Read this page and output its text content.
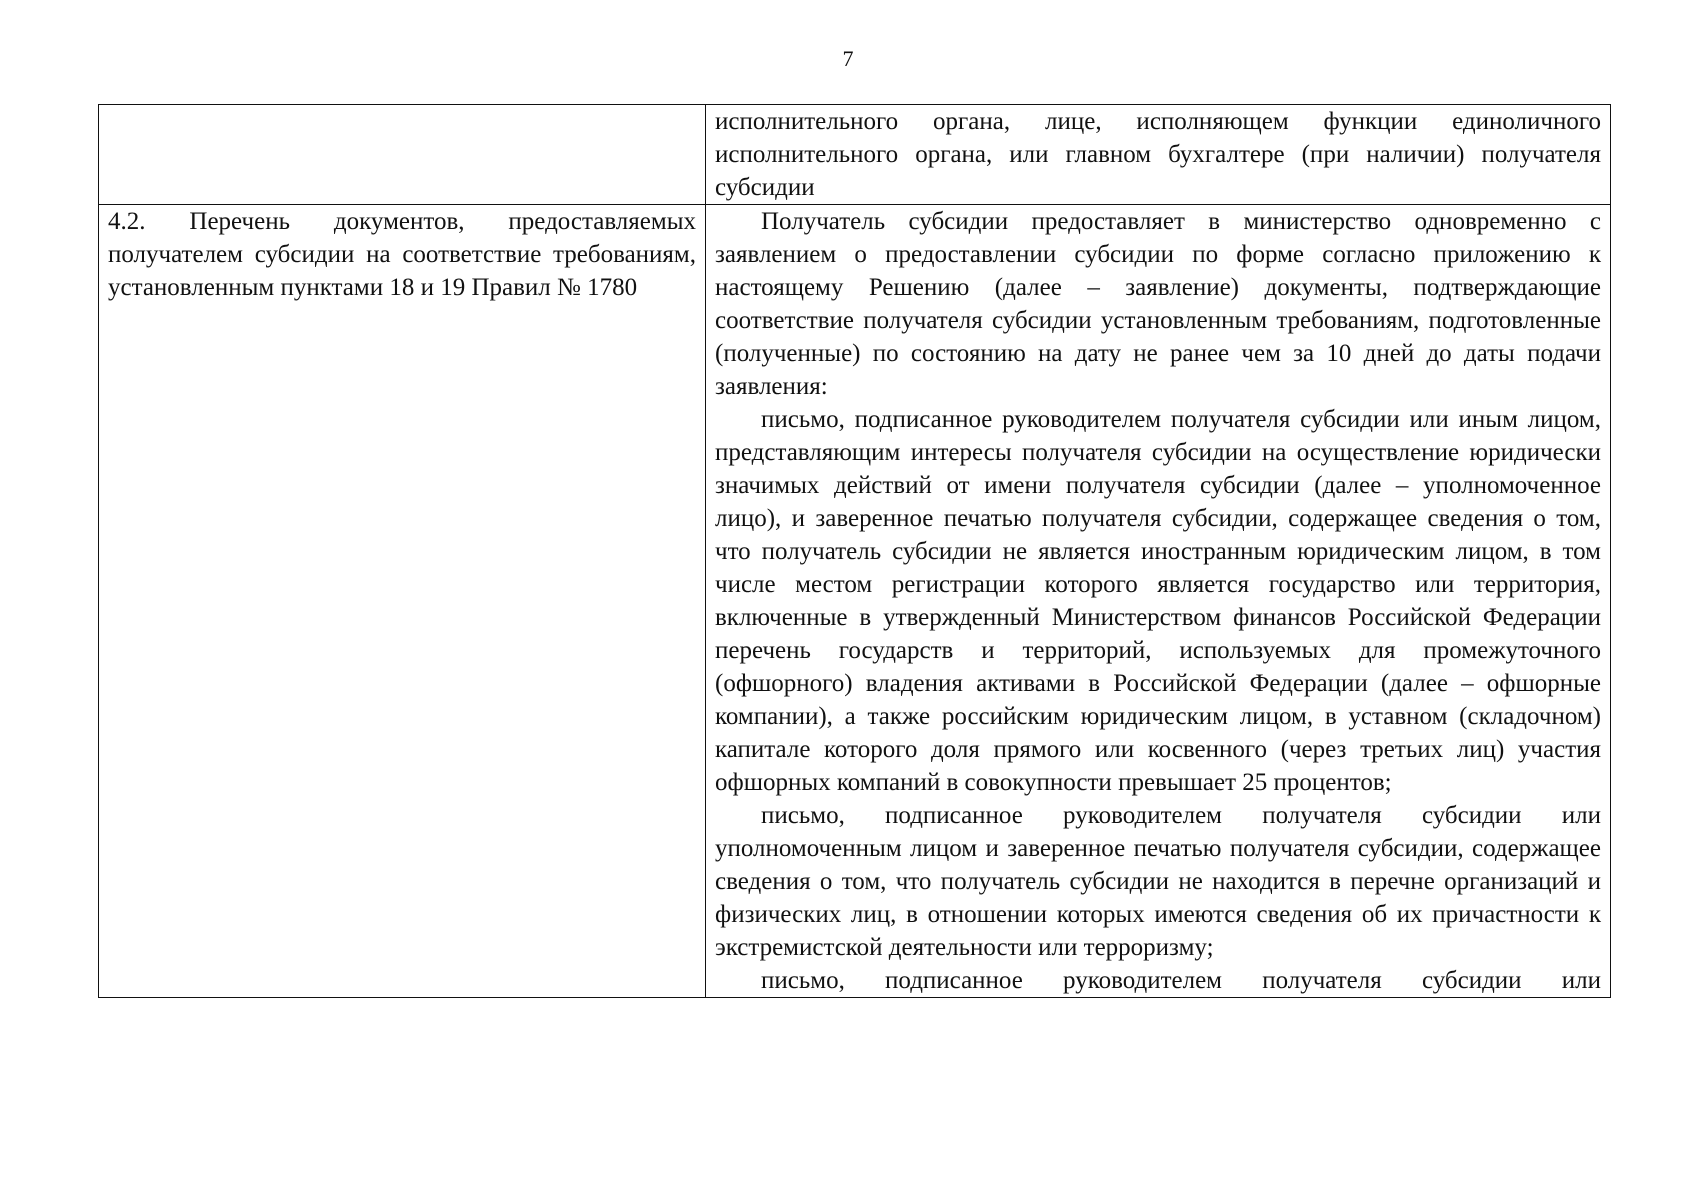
7

	исполнительного органа, лице, исполняющем функции единоличного исполнительного органа, или главном бухгалтере (при наличии) получателя субсидии

4.2. Перечень документов, предоставляемых получателем субсидии на соответствие требованиям, установленным пунктами 18 и 19 Правил № 1780	Получатель субсидии предоставляет в министерство одновременно с заявлением о предоставлении субсидии по форме согласно приложению к настоящему Решению (далее – заявление) документы, подтверждающие соответствие получателя субсидии установленным требованиям, подготовленные (полученные) по состоянию на дату не ранее чем за 10 дней до даты подачи заявления:

письмо, подписанное руководителем получателя субсидии или иным лицом, представляющим интересы получателя субсидии на осуществление юридически значимых действий от имени получателя субсидии (далее – уполномоченное лицо), и заверенное печатью получателя субсидии, содержащее сведения о том, что получатель субсидии не является иностранным юридическим лицом, в том числе местом регистрации которого является государство или территория, включенные в утвержденный Министерством финансов Российской Федерации перечень государств и территорий, используемых для промежуточного (офшорного) владения активами в Российской Федерации (далее – офшорные компании), а также российским юридическим лицом, в уставном (складочном) капитале которого доля прямого или косвенного (через третьих лиц) участия офшорных компаний в совокупности превышает 25 процентов;

письмо, подписанное руководителем получателя субсидии или уполномоченным лицом и заверенное печатью получателя субсидии, содержащее сведения о том, что получатель субсидии не находится в перечне организаций и физических лиц, в отношении которых имеются сведения об их причастности к экстремистской деятельности или терроризму;

письмо, подписанное руководителем получателя субсидии или
